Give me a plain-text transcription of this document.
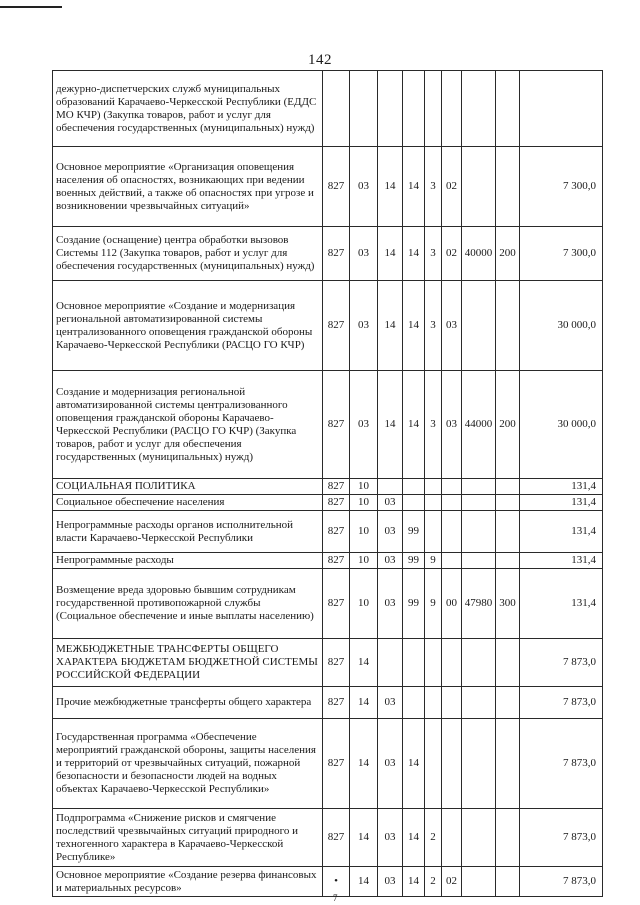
142
дежурно-диспетчерских служб муниципальных образований Карачаево-Черкесской Республики (ЕДДС МО КЧР) (Закупка товаров, работ и услуг для обеспечения государственных (муниципальных) нужд)									
Основное мероприятие «Организация оповещения населения об опасностях, возникающих при ведении военных действий, а также об опасностях при угрозе и возникновении чрезвычайных ситуаций»	827	03	14	14	3	02			7 300,0
Создание (оснащение) центра обработки вызовов Системы 112 (Закупка товаров, работ и услуг для обеспечения государственных (муниципальных) нужд)	827	03	14	14	3	02	40000	200	7 300,0
Основное мероприятие «Создание и модернизация региональной автоматизированной системы централизованного оповещения гражданской обороны Карачаево-Черкесской Республики (РАСЦО ГО КЧР)	827	03	14	14	3	03			30 000,0
Создание и модернизация региональной автоматизированной системы централизованного оповещения гражданской обороны Карачаево-Черкесской Республики (РАСЦО ГО КЧР) (Закупка товаров, работ и услуг для обеспечения государственных (муниципальных) нужд)	827	03	14	14	3	03	44000	200	30 000,0
СОЦИАЛЬНАЯ ПОЛИТИКА	827	10							131,4
Социальное обеспечение населения	827	10	03						131,4
Непрограммные расходы органов исполнительной власти Карачаево-Черкесской Республики	827	10	03	99					131,4
Непрограммные расходы	827	10	03	99	9				131,4
Возмещение вреда здоровью бывшим сотрудникам государственной противопожарной службы (Социальное обеспечение и иные выплаты населению)	827	10	03	99	9	00	47980	300	131,4
МЕЖБЮДЖЕТНЫЕ ТРАНСФЕРТЫ ОБЩЕГО ХАРАКТЕРА БЮДЖЕТАМ БЮДЖЕТНОЙ СИСТЕМЫ РОССИЙСКОЙ ФЕДЕРАЦИИ	827	14							7 873,0
Прочие межбюджетные трансферты общего характера	827	14	03						7 873,0
Государственная программа «Обеспечение мероприятий гражданской обороны, защиты населения и территорий от чрезвычайных ситуаций, пожарной безопасности и безопасности людей на водных объектах Карачаево-Черкесской Республики»	827	14	03	14					7 873,0
Подпрограмма «Снижение рисков и смягчение последствий чрезвычайных ситуаций природного и техногенного характера в Карачаево-Черкесской Республике»	827	14	03	14	2				7 873,0
Основное мероприятие «Создание резерва финансовых и материальных ресурсов»	•	14	03	14	2	02			7 873,0
7
